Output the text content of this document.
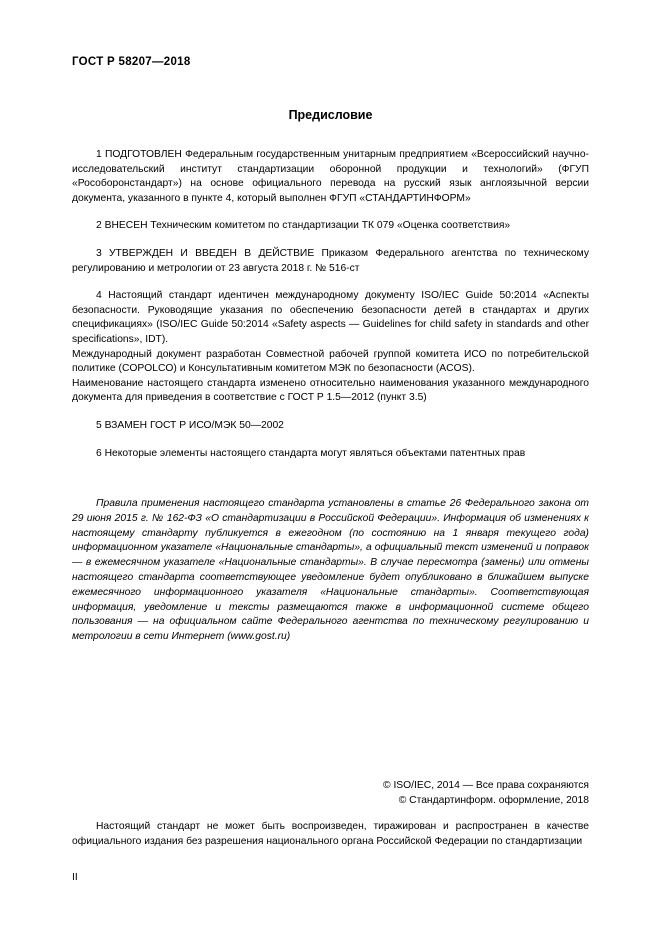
ГОСТ Р 58207—2018
Предисловие

1 ПОДГОТОВЛЕН Федеральным государственным унитарным предприятием «Всероссийский научно-исследовательский институт стандартизации оборонной продукции и технологий» (ФГУП «Рособоронстандарт») на основе официального перевода на русский язык англоязычной версии документа, указанного в пункте 4, который выполнен ФГУП «СТАНДАРТИНФОРМ»

2 ВНЕСЕН Техническим комитетом по стандартизации ТК 079 «Оценка соответствия»

3 УТВЕРЖДЕН И ВВЕДЕН В ДЕЙСТВИЕ Приказом Федерального агентства по техническому регулированию и метрологии от 23 августа 2018 г. № 516-ст

4 Настоящий стандарт идентичен международному документу ISO/IEC Guide 50:2014 «Аспекты безопасности. Руководящие указания по обеспечению безопасности детей в стандартах и других спецификациях» (ISO/IEC Guide 50:2014 «Safety aspects — Guidelines for child safety in standards and other specifications», IDT).

Международный документ разработан Совместной рабочей группой комитета ИСО по потребительской политике (COPOLCO) и Консультативным комитетом МЭК по безопасности (ACOS).

Наименование настоящего стандарта изменено относительно наименования указанного международного документа для приведения в соответствие с ГОСТ Р 1.5—2012 (пункт 3.5)

5 ВЗАМЕН ГОСТ Р ИСО/МЭК 50—2002

6 Некоторые элементы настоящего стандарта могут являться объектами патентных прав

Правила применения настоящего стандарта установлены в статье 26 Федерального закона от 29 июня 2015 г. № 162-ФЗ «О стандартизации в Российской Федерации». Информация об изменениях к настоящему стандарту публикуется в ежегодном (по состоянию на 1 января текущего года) информационном указателе «Национальные стандарты», а официальный текст изменений и поправок — в ежемесячном указателе «Национальные стандарты». В случае пересмотра (замены) или отмены настоящего стандарта соответствующее уведомление будет опубликовано в ближайшем выпуске ежемесячного информационного указателя «Национальные стандарты». Соответствующая информация, уведомление и тексты размещаются также в информационной системе общего пользования — на официальном сайте Федерального агентства по техническому регулированию и метрологии в сети Интернет (www.gost.ru)
© ISO/IEC, 2014 — Все права сохраняются
© Стандартинформ. оформление, 2018
Настоящий стандарт не может быть воспроизведен, тиражирован и распространен в качестве официального издания без разрешения национального органа Российской Федерации по стандартизации
II
